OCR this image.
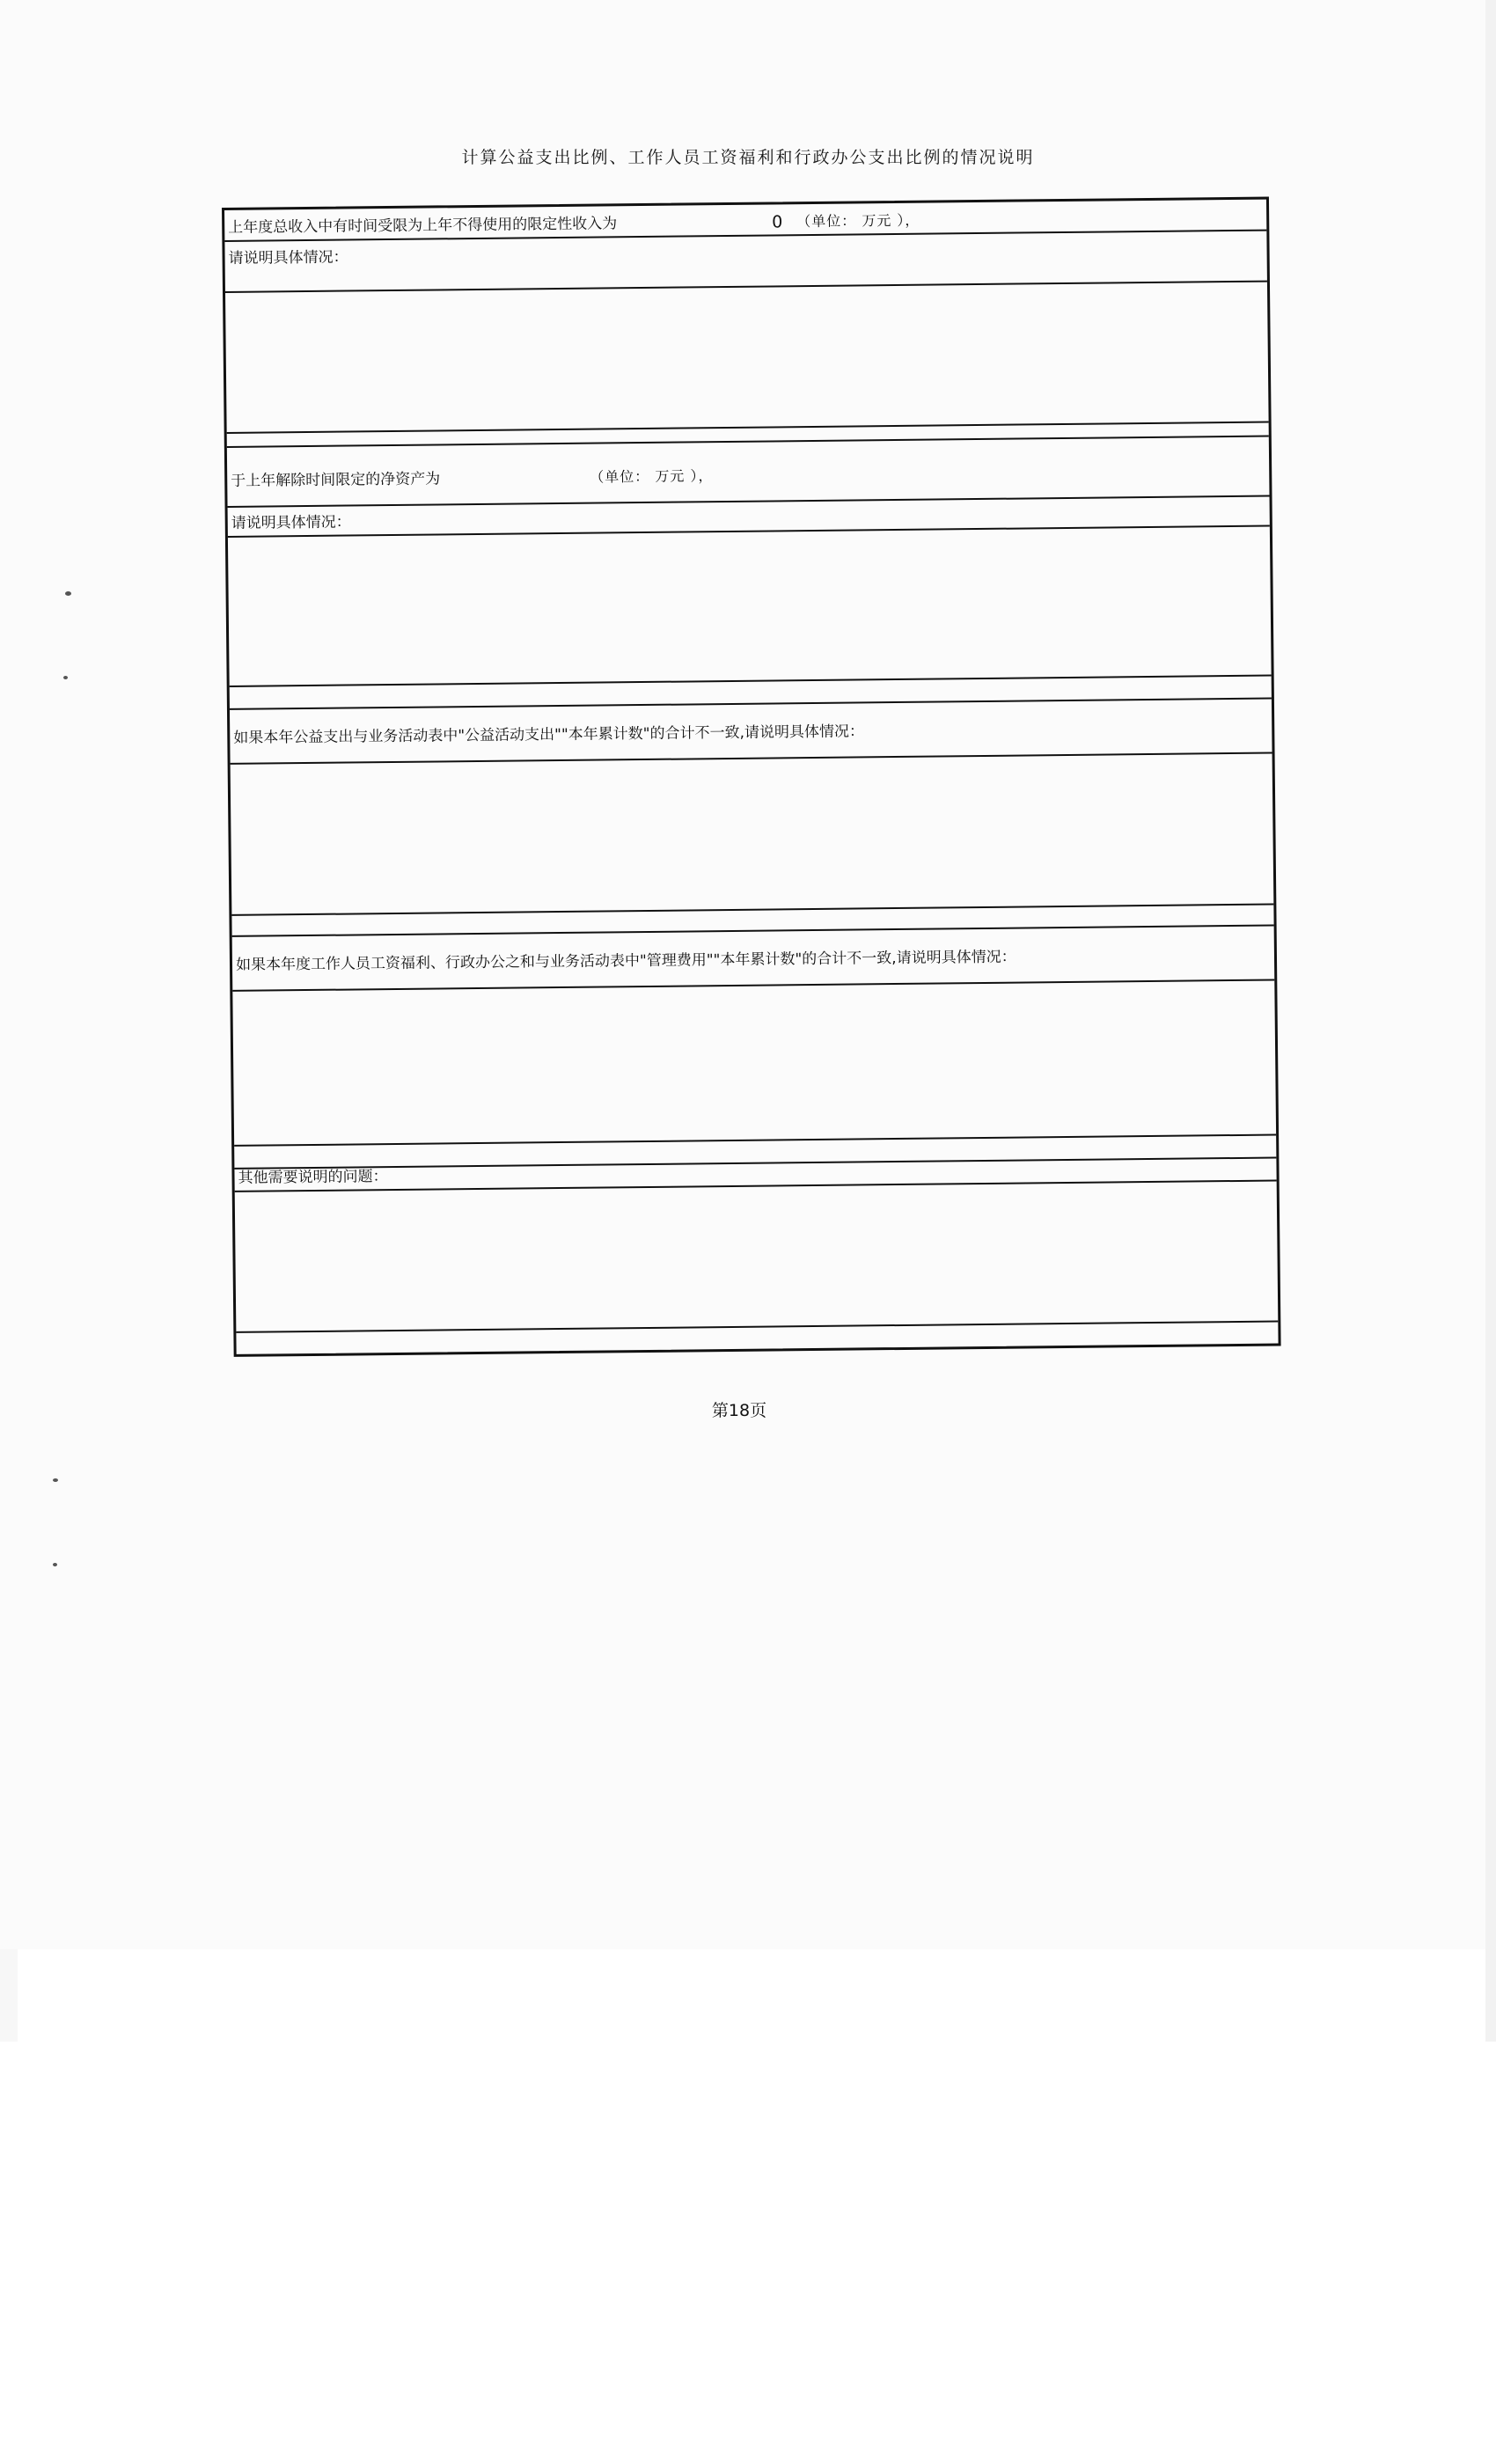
计算公益支出比例、工作人员工资福利和行政办公支出比例的情况说明
上年度总收入中有时间受限为上年不得使用的限定性收入为	0 （单位： 万元 ），
请说明具体情况：
于上年解除时间限定的净资产为	（单位： 万元 ），
请说明具体情况：
如果本年公益支出与业务活动表中"公益活动支出""本年累计数"的合计不一致,请说明具体情况：
如果本年度工作人员工资福利、行政办公之和与业务活动表中"管理费用""本年累计数"的合计不一致,请说明具体情况：
其他需要说明的问题：
第18页
